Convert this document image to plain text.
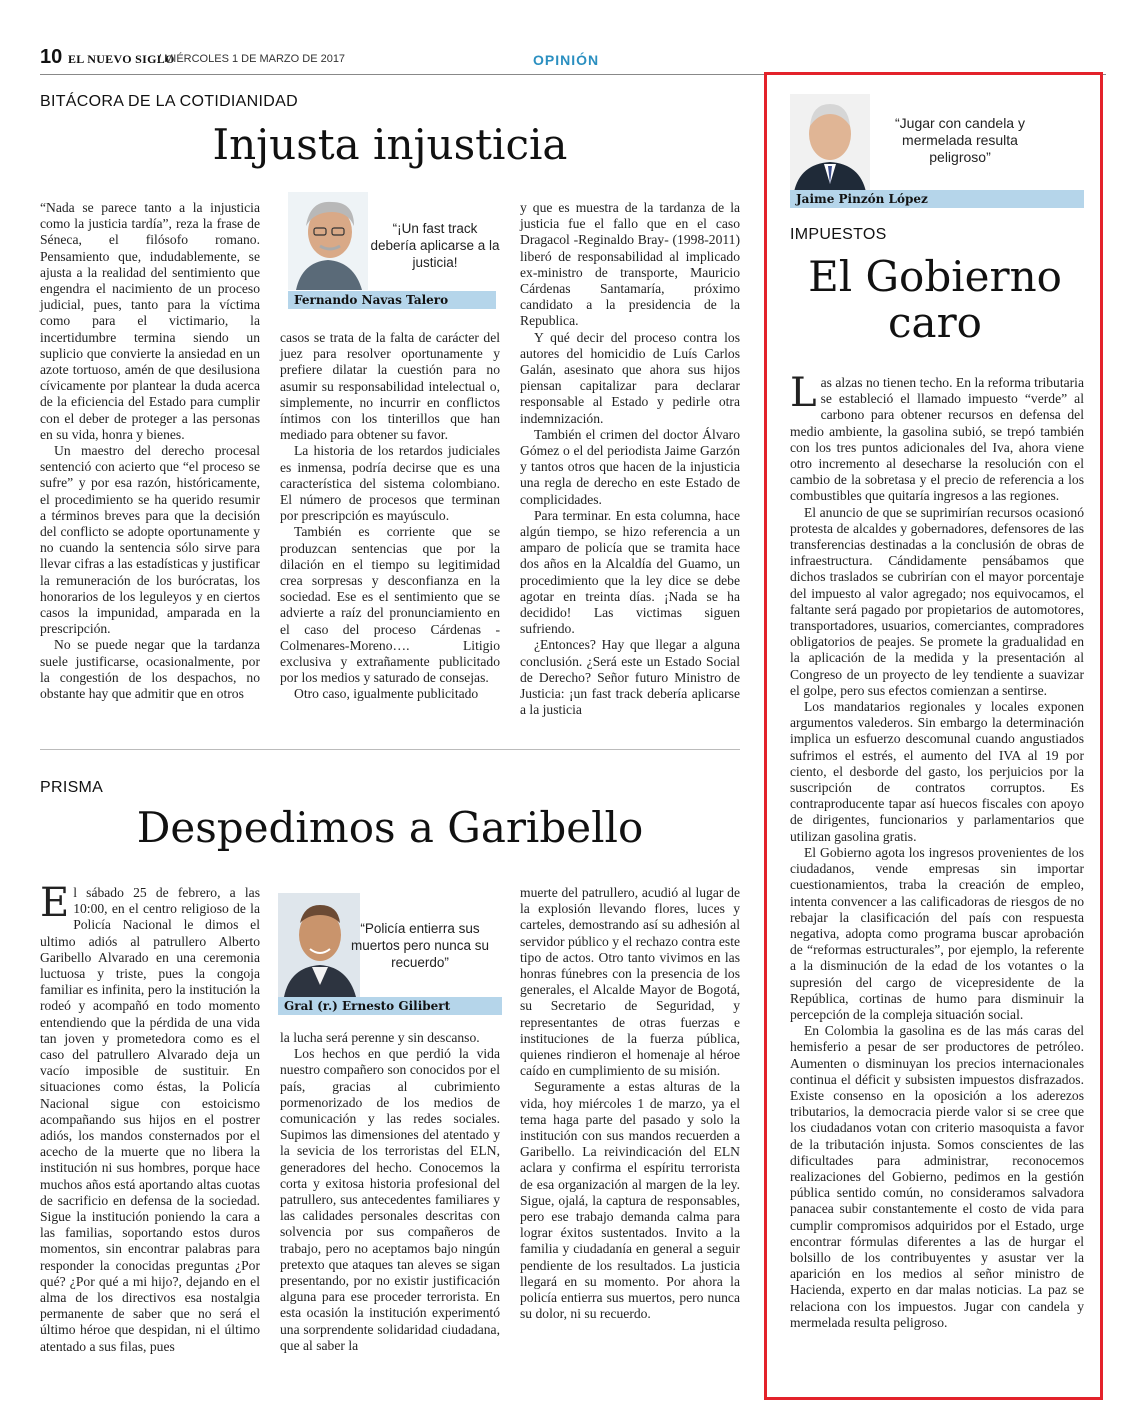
10 EL NUEVO SIGLO
/ MIÉRCOLES 1 DE MARZO DE 2017	OPINIÓN
BITÁCORA DE LA COTIDIANIDAD
Injusta injusticia

“Nada se parece tanto a la injusticia como la justicia tardía”, reza la frase de Séneca, el filósofo romano. Pensamiento que, indudablemente, se ajusta a la realidad del sentimiento que engendra el nacimiento de un proceso judicial, pues, tanto para la víctima como para el victimario, la incertidumbre termina siendo un suplicio que convierte la ansiedad en un azote tortuoso, amén de que desilusiona cívicamente por plantear la duda acerca de la eficiencia del Estado para cumplir con el deber de proteger a las personas en su vida, honra y bienes.

Un maestro del derecho procesal sentenció con acierto que “el proceso se sufre” y por esa razón, históricamente, el procedimiento se ha querido resumir a términos breves para que la decisión del conflicto se adopte oportunamente y no cuando la sentencia sólo sirve para llevar cifras a las estadísticas y justificar la remuneración de los burócratas, los honorarios de los leguleyos y en ciertos casos la impunidad, amparada en la prescripción.

No se puede negar que la tardanza suele justificarse, ocasionalmente, por la congestión de los despachos, no obstante hay que admitir que en otros

“¡Un fast track debería aplicarse a la justicia!
Fernando Navas Talero

casos se trata de la falta de carácter del juez para resolver oportunamente y prefiere dilatar la cuestión para no asumir su responsabilidad intelectual o, simplemente, no incurrir en conflictos íntimos con los tinterillos que han mediado para obtener su favor.

La historia de los retardos judiciales es inmensa, podría decirse que es una característica del sistema colombiano. El número de procesos que terminan por prescripción es mayúsculo.

También es corriente que se produzcan sentencias que por la dilación en el tiempo su legitimidad crea sorpresas y desconfianza en la sociedad. Ese es el sentimiento que se advierte a raíz del pronunciamiento en el caso del proceso Cárdenas -Colmenares-Moreno…. Litigio exclusiva y extrañamente publicitado por los medios y saturado de consejas.

Otro caso, igualmente publicitado

y que es muestra de la tardanza de la justicia fue el fallo que en el caso Dragacol -Reginaldo Bray- (1998-2011) liberó de responsabilidad al implicado ex-ministro de transporte, Mauricio Cárdenas Santamaría, próximo candidato a la presidencia de la Republica.

Y qué decir del proceso contra los autores del homicidio de Luís Carlos Galán, asesinato que ahora sus hijos piensan capitalizar para declarar responsable al Estado y pedirle otra indemnización.

También el crimen del doctor Álvaro Gómez o el del periodista Jaime Garzón y tantos otros que hacen de la injusticia una regla de derecho en este Estado de complicidades.

Para terminar. En esta columna, hace algún tiempo, se hizo referencia a un amparo de policía que se tramita hace dos años en la Alcaldía del Guamo, un procedimiento que la ley dice se debe agotar en treinta días. ¡Nada se ha decidido! Las victimas siguen sufriendo.

¿Entonces? Hay que llegar a alguna conclusión. ¿Será este un Estado Social de Derecho? Señor futuro Ministro de Justicia: ¡un fast track debería aplicarse a la justicia

PRISMA
Despedimos a Garibello

El sábado 25 de febrero, a las 10:00, en el centro religioso de la Policía Nacional le dimos el ultimo adiós al patrullero Alberto Garibello Alvarado en una ceremonia luctuosa y triste, pues la congoja familiar es infinita, pero la institución la rodeó y acompañó en todo momento entendiendo que la pérdida de una vida tan joven y prometedora como es el caso del patrullero Alvarado deja un vacío imposible de sustituir. En situaciones como éstas, la Policía Nacional sigue con estoicismo acompañando sus hijos en el postrer adiós, los mandos consternados por el acecho de la muerte que no libera la institución ni sus hombres, porque hace muchos años está aportando altas cuotas de sacrificio en defensa de la sociedad. Sigue la institución poniendo la cara a las familias, soportando estos duros momentos, sin encontrar palabras para responder la conocidas preguntas ¿Por qué? ¿Por qué a mi hijo?, dejando en el alma de los directivos esa nostalgia permanente de saber que no será el último héroe que despidan, ni el último atentado a sus filas, pues

“Policía entierra sus muertos pero nunca su recuerdo”
Gral (r.) Ernesto Gilibert

la lucha será perenne y sin descanso.

Los hechos en que perdió la vida nuestro compañero son conocidos por el país, gracias al cubrimiento pormenorizado de los medios de comunicación y las redes sociales. Supimos las dimensiones del atentado y la sevicia de los terroristas del ELN, generadores del hecho. Conocemos la corta y exitosa historia profesional del patrullero, sus antecedentes familiares y las calidades personales descritas con solvencia por sus compañeros de trabajo, pero no aceptamos bajo ningún pretexto que ataques tan aleves se sigan presentando, por no existir justificación alguna para ese proceder terrorista. En esta ocasión la institución experimentó una sorprendente solidaridad ciudadana, que al saber la

muerte del patrullero, acudió al lugar de la explosión llevando flores, luces y carteles, demostrando así su adhesión al servidor público y el rechazo contra este tipo de actos. Otro tanto vivimos en las honras fúnebres con la presencia de los generales, el Alcalde Mayor de Bogotá, su Secretario de Seguridad, y representantes de otras fuerzas e instituciones de la fuerza pública, quienes rindieron el homenaje al héroe caído en cumplimiento de su misión.

Seguramente a estas alturas de la vida, hoy miércoles 1 de marzo, ya el tema haga parte del pasado y solo la institución con sus mandos recuerden a Garibello. La reivindicación del ELN aclara y confirma el espíritu terrorista de esa organización al margen de la ley. Sigue, ojalá, la captura de responsables, pero ese trabajo demanda calma para lograr éxitos sustentados. Invito a la familia y ciudadanía en general a seguir pendiente de los resultados. La justicia llegará en su momento. Por ahora la policía entierra sus muertos, pero nunca su dolor, ni su recuerdo.

“Jugar con candela y mermelada resulta peligroso”
Jaime Pinzón López
IMPUESTOS
El Gobierno
caro

Las alzas no tienen techo. En la reforma tributaria se estableció el llamado impuesto “verde” al carbono para obtener recursos en defensa del medio ambiente, la gasolina subió, se trepó también con los tres puntos adicionales del Iva, ahora viene otro incremento al desecharse la resolución con el cambio de la sobretasa y el precio de referencia a los combustibles que quitaría ingresos a las regiones.

El anuncio de que se suprimirían recursos ocasionó protesta de alcaldes y gobernadores, defensores de las transferencias destinadas a la conclusión de obras de infraestructura. Cándidamente pensábamos que dichos traslados se cubrirían con el mayor porcentaje del impuesto al valor agregado; nos equivocamos, el faltante será pagado por propietarios de automotores, transportadores, usuarios, comerciantes, compradores obligatorios de peajes. Se promete la gradualidad en la aplicación de la medida y la presentación al Congreso de un proyecto de ley tendiente a suavizar el golpe, pero sus efectos comienzan a sentirse.

Los mandatarios regionales y locales exponen argumentos valederos. Sin embargo la determinación implica un esfuerzo descomunal cuando angustiados sufrimos el estrés, el aumento del IVA al 19 por ciento, el desborde del gasto, los perjuicios por la suscripción de contratos corruptos. Es contraproducente tapar así huecos fiscales con apoyo de dirigentes, funcionarios y parlamentarios que utilizan gasolina gratis.

El Gobierno agota los ingresos provenientes de los ciudadanos, vende empresas sin importar cuestionamientos, traba la creación de empleo, intenta convencer a las calificadoras de riesgos de no rebajar la clasificación del país con respuesta negativa, adopta como programa buscar aprobación de “reformas estructurales”, por ejemplo, la referente a la disminución de la edad de los votantes o la supresión del cargo de vicepresidente de la República, cortinas de humo para disminuir la percepción de la compleja situación social.

En Colombia la gasolina es de las más caras del hemisferio a pesar de ser productores de petróleo. Aumenten o disminuyan los precios internacionales continua el déficit y subsisten impuestos disfrazados. Existe consenso en la oposición a los aderezos tributarios, la democracia pierde valor si se cree que los ciudadanos votan con criterio masoquista a favor de la tributación injusta. Somos conscientes de las dificultades para administrar, reconocemos realizaciones del Gobierno, pedimos en la gestión pública sentido común, no consideramos salvadora panacea subir constantemente el costo de vida para cumplir compromisos adquiridos por el Estado, urge encontrar fórmulas diferentes a las de hurgar el bolsillo de los contribuyentes y asustar ver la aparición en los medios al señor ministro de Hacienda, experto en dar malas noticias. La paz se relaciona con los impuestos. Jugar con candela y mermelada resulta peligroso.
